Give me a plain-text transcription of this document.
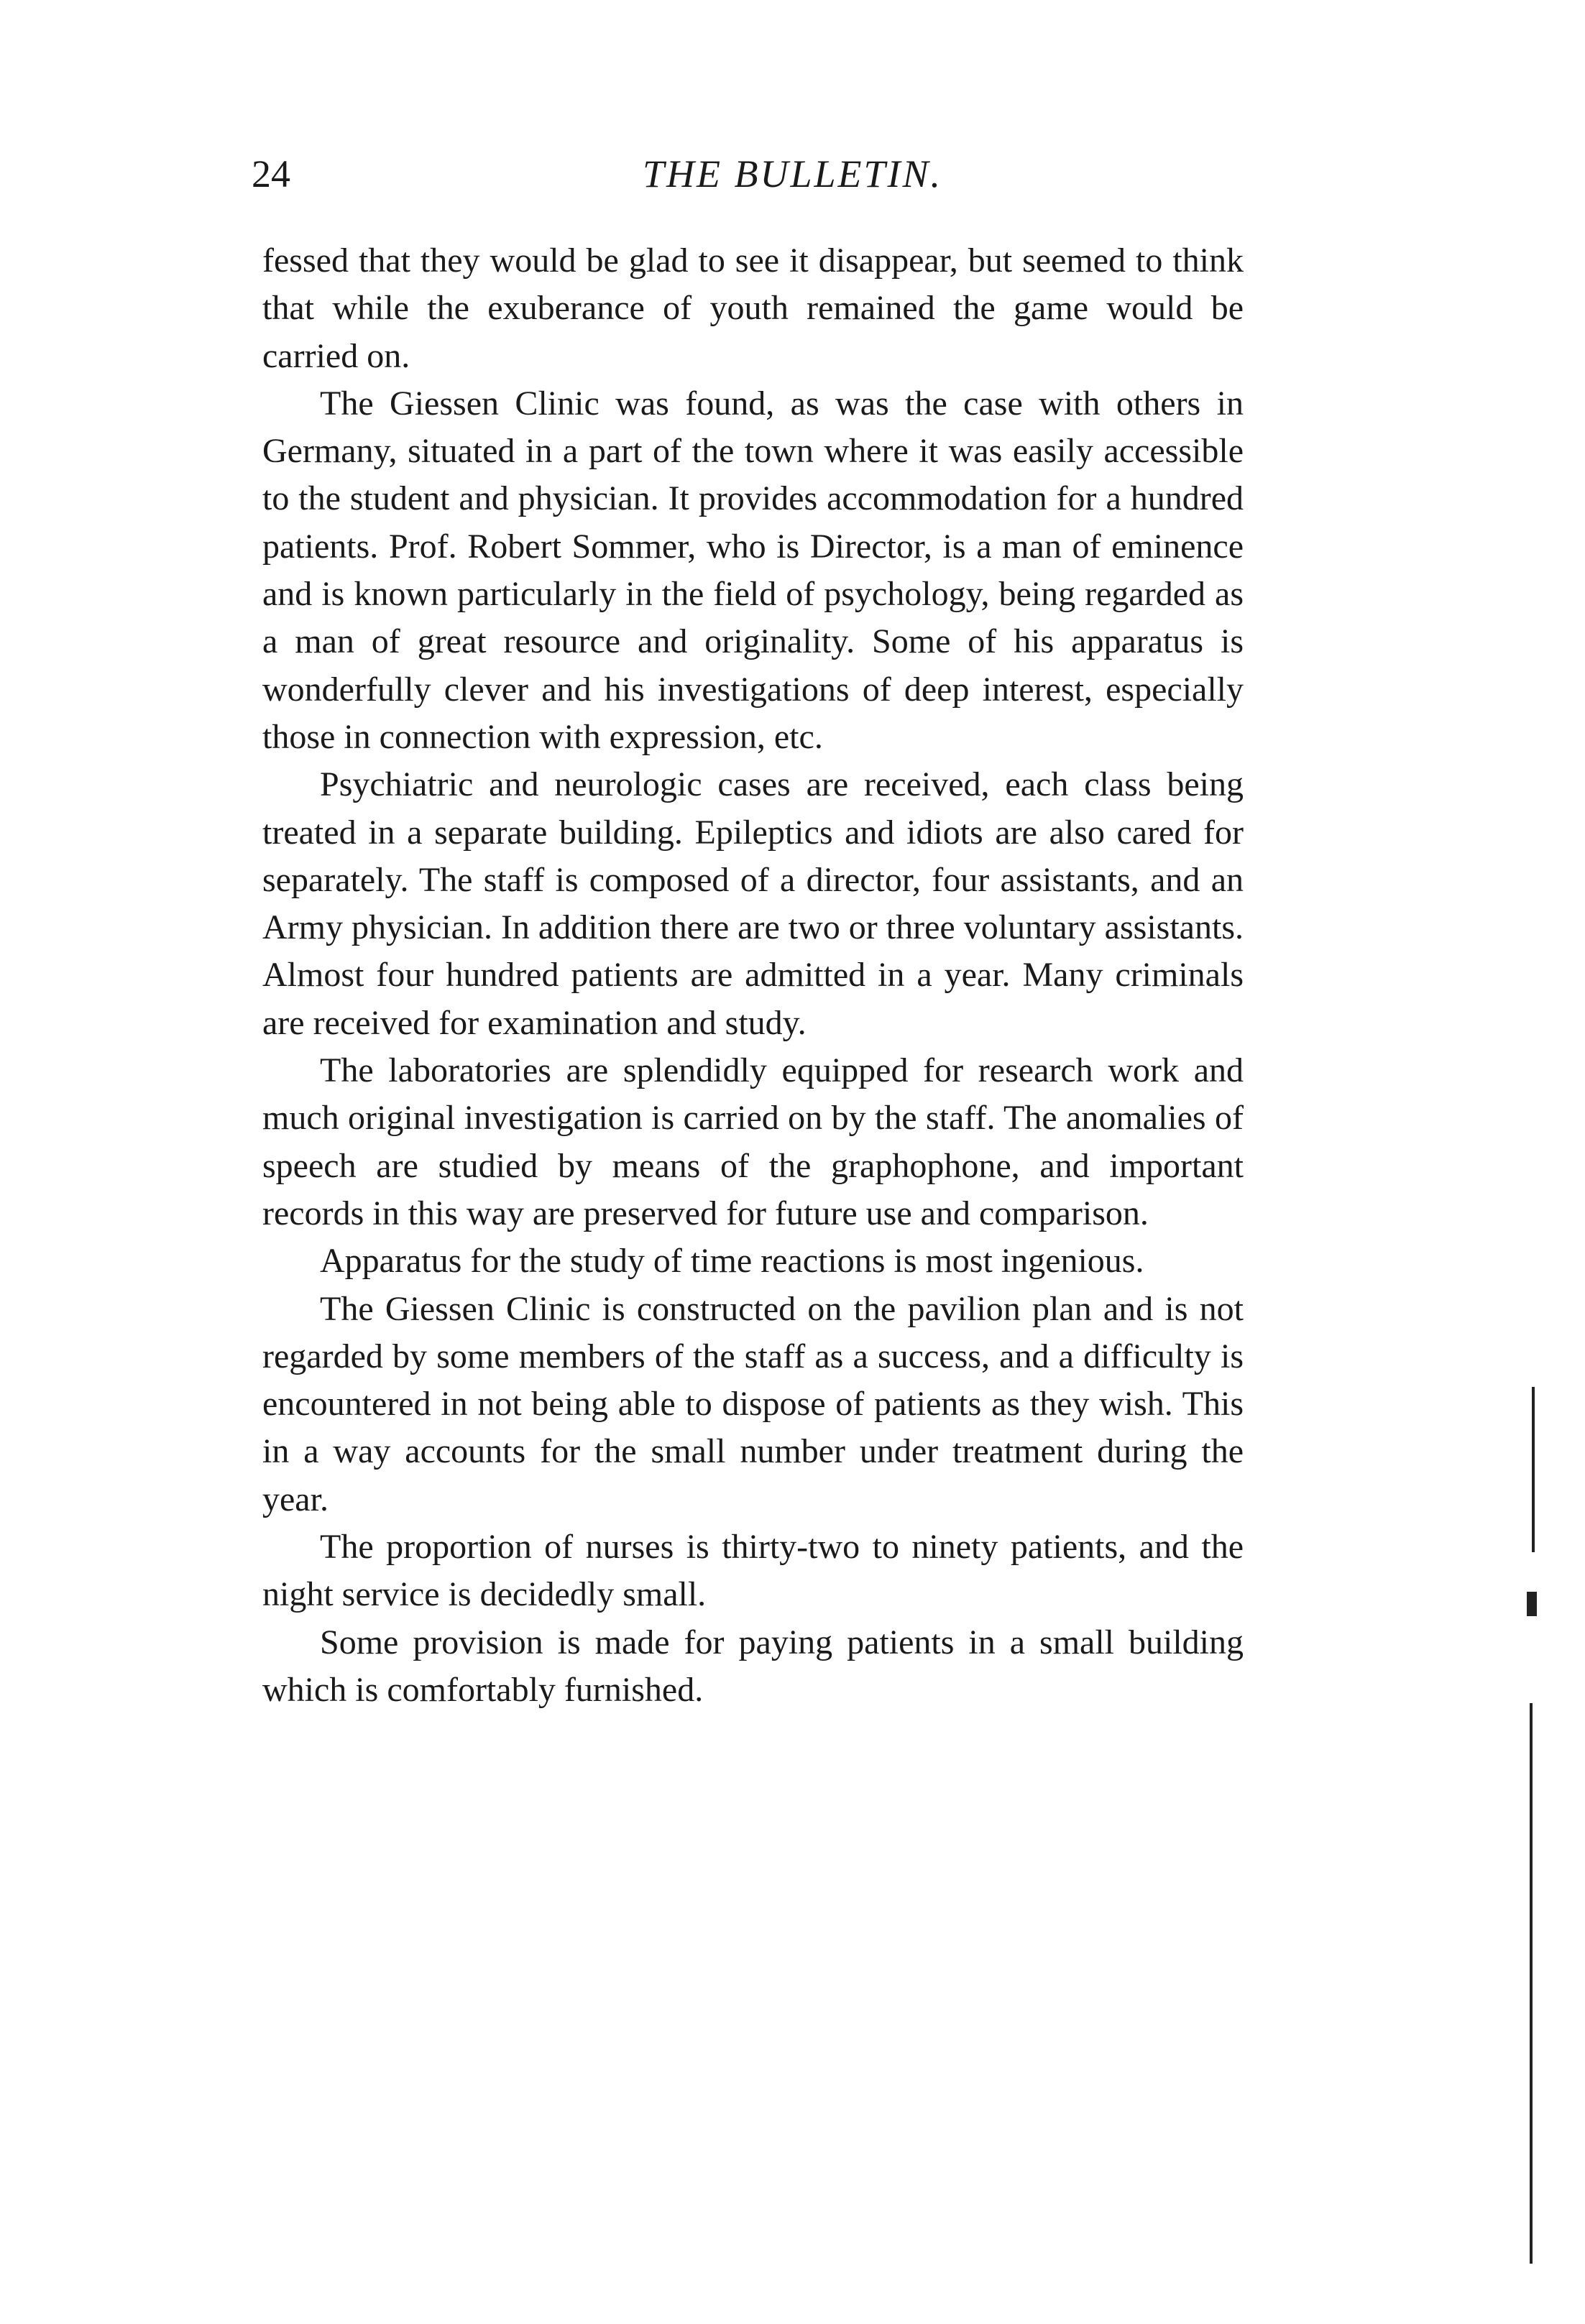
24	THE BULLETIN.

fessed that they would be glad to see it disappear, but seemed to think that while the exuberance of youth remained the game would be carried on.

The Giessen Clinic was found, as was the case with others in Germany, situated in a part of the town where it was easily accessible to the student and physician. It provides accommodation for a hundred patients. Prof. Robert Sommer, who is Director, is a man of eminence and is known particularly in the field of psychology, being regarded as a man of great resource and originality. Some of his apparatus is wonderfully clever and his investigations of deep interest, especially those in connection with expression, etc.

Psychiatric and neurologic cases are received, each class being treated in a separate building. Epileptics and idiots are also cared for separately. The staff is composed of a director, four assistants, and an Army physician. In addition there are two or three voluntary assistants. Almost four hundred patients are admitted in a year. Many criminals are received for examination and study.

The laboratories are splendidly equipped for research work and much original investigation is carried on by the staff. The anomalies of speech are studied by means of the graphophone, and important records in this way are preserved for future use and comparison.

Apparatus for the study of time reactions is most ingenious.

The Giessen Clinic is constructed on the pavilion plan and is not regarded by some members of the staff as a success, and a difficulty is encountered in not being able to dispose of patients as they wish. This in a way accounts for the small number under treatment during the year.

The proportion of nurses is thirty-two to ninety patients, and the night service is decidedly small.

Some provision is made for paying patients in a small building which is comfortably furnished.
